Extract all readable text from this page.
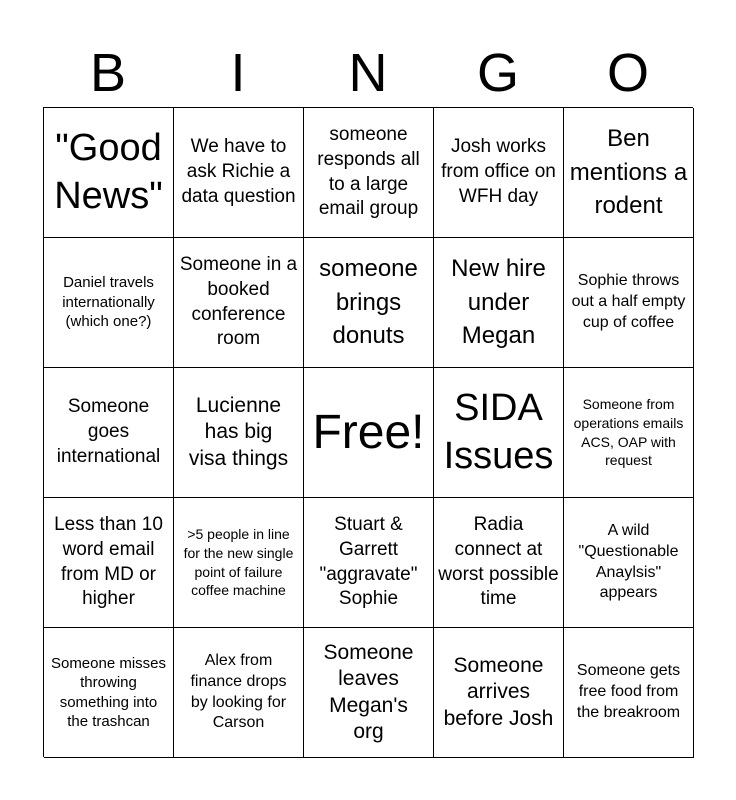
B	I	N	G	O
"Good News"
We have to ask Richie a data question
someone responds all to a large email group
Josh works from office on WFH day
Ben mentions a rodent
Daniel travels internationally (which one?)
Someone in a booked conference room
someone brings donuts
New hire under Megan
Sophie throws out a half empty cup of coffee
Someone goes international
Lucienne has big visa things Free! SIDA Issues
Someone from operations emails ACS, OAP with request
Less than 10 word email from MD or higher
>5 people in line for the new single point of failure coffee machine
Stuart & Garrett "aggravate" Sophie
Radia connect at worst possible time
A wild "Questionable Anaylsis" appears
Someone misses throwing something into the trashcan
Alex from finance drops by looking for Carson
Someone leaves Megan's org
Someone arrives before Josh
Someone gets free food from the breakroom
